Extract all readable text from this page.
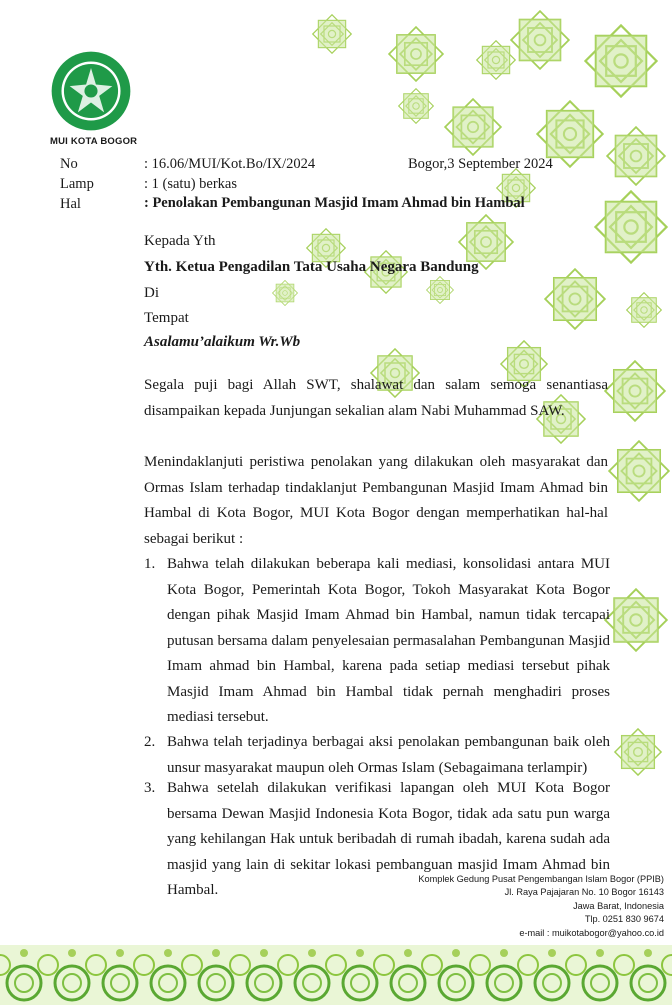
MUI KOTA BOGOR
No	: 16.06/MUI/Kot.Bo/IX/2024	Bogor,3 September 2024
Lamp	: 1 (satu) berkas
Hal	: Penolakan Pembangunan Masjid Imam Ahmad bin Hambal
Kepada Yth
Yth. Ketua Pengadilan Tata Usaha Negara Bandung
Di
Tempat
Asalamu’alaikum Wr.Wb
Segala puji bagi Allah SWT, shalawat dan salam semoga senantiasa disampaikan kepada Junjungan sekalian alam Nabi Muhammad SAW.
Menindaklanjuti peristiwa penolakan yang dilakukan oleh masyarakat dan Ormas Islam terhadap tindaklanjut Pembangunan Masjid Imam Ahmad bin Hambal di Kota Bogor, MUI Kota Bogor dengan memperhatikan hal-hal sebagai berikut :
1. Bahwa telah dilakukan beberapa kali mediasi, konsolidasi antara MUI Kota Bogor, Pemerintah Kota Bogor, Tokoh Masyarakat Kota Bogor dengan pihak Masjid Imam Ahmad bin Hambal, namun tidak tercapai putusan bersama dalam penyelesaian permasalahan Pembangunan Masjid Imam ahmad bin Hambal, karena pada setiap mediasi tersebut pihak Masjid Imam Ahmad bin Hambal tidak pernah menghadiri proses mediasi tersebut.
2. Bahwa telah terjadinya berbagai aksi penolakan pembangunan baik oleh unsur masyarakat maupun oleh Ormas Islam (Sebagaimana terlampir)
3. Bahwa setelah dilakukan verifikasi lapangan oleh MUI Kota Bogor bersama Dewan Masjid Indonesia Kota Bogor, tidak ada satu pun warga yang kehilangan Hak untuk beribadah di rumah ibadah, karena sudah ada masjid yang lain di sekitar lokasi pembanguan masjid Imam Ahmad bin Hambal.
Komplek Gedung Pusat Pengembangan Islam Bogor (PPIB)
Jl. Raya Pajajaran No. 10 Bogor 16143
Jawa Barat, Indonesia
Tlp. 0251 830 9674
e-mail : muikotabogor@yahoo.co.id
